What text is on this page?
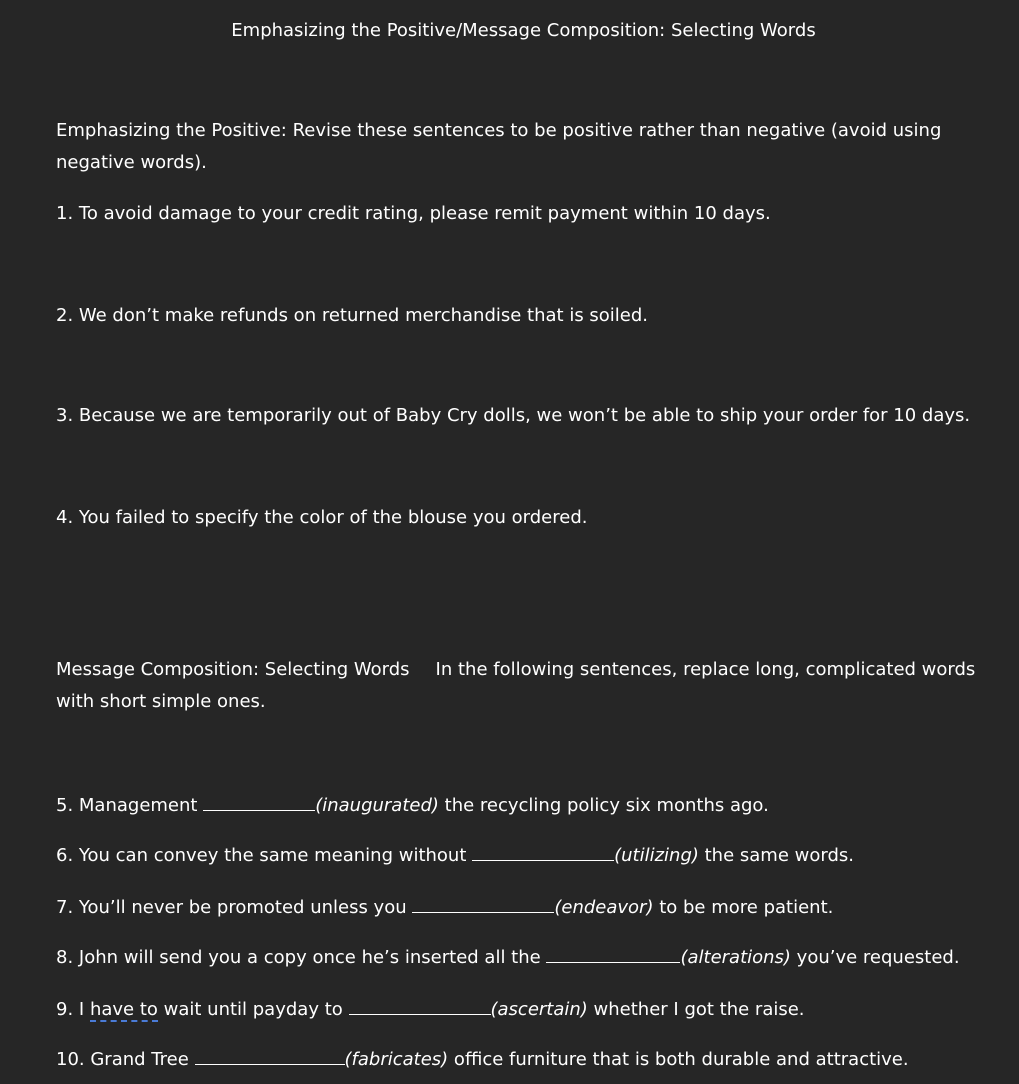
Emphasizing the Positive/Message Composition: Selecting Words
Emphasizing the Positive: Revise these sentences to be positive rather than negative (avoid using negative words).
1. To avoid damage to your credit rating, please remit payment within 10 days.
2. We don’t make refunds on returned merchandise that is soiled.
3. Because we are temporarily out of Baby Cry dolls, we won’t be able to ship your order for 10 days.
4. You failed to specify the color of the blouse you ordered.
Message Composition: Selecting Words In the following sentences, replace long, complicated words
with short simple ones.
5. Management	(inaugurated) the recycling policy six months ago.
6. You can convey the same meaning without	(utilizing) the same words.
7. You’ll never be promoted unless you	(endeavor) to be more patient.
8. John will send you a copy once he’s inserted all the	(alterations) you’ve requested.
9. I have to wait until payday to	(ascertain) whether I got the raise.
10. Grand Tree	(fabricates) office furniture that is both durable and attractive.
